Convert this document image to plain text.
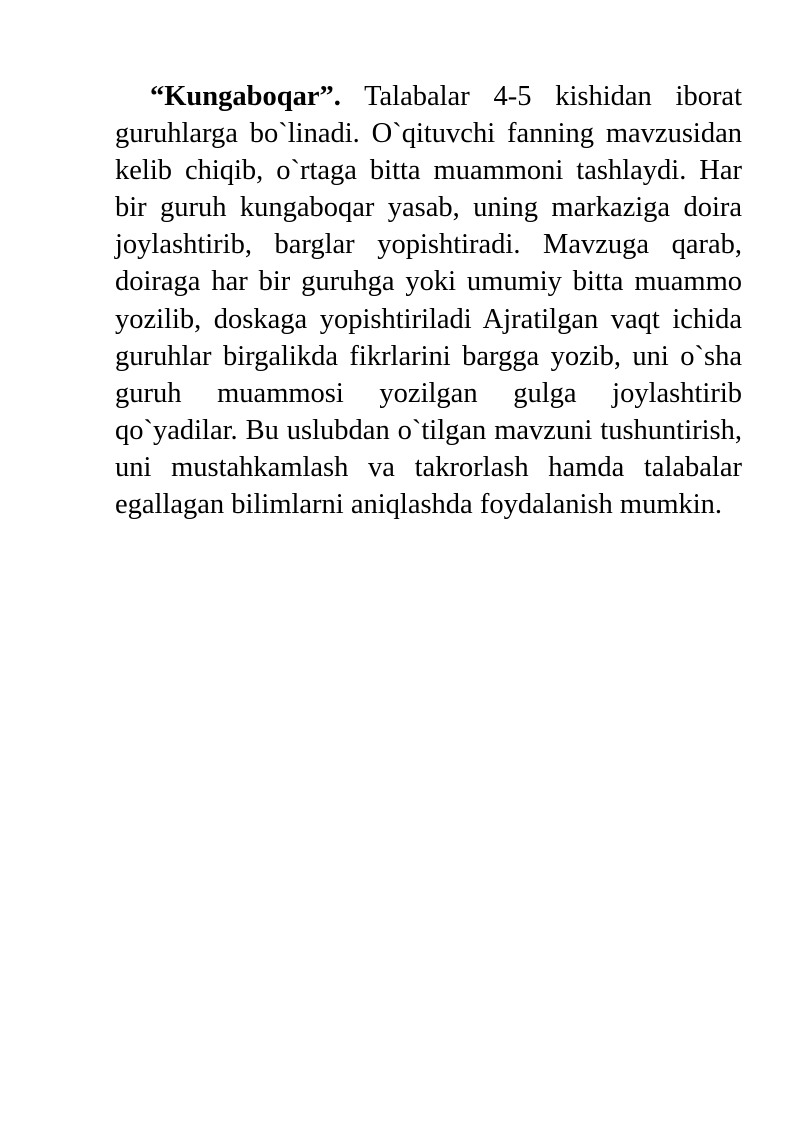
“Kungaboqar”. Talabalar 4-5 kishidan iborat guruhlarga bo`linadi. O`qituvchi fanning mavzusidan kelib chiqib, o`rtaga bitta muammoni tashlaydi. Har bir guruh kungaboqar yasab, uning markaziga doira joylashtirib, barglar yopishtiradi. Mavzuga qarab, doiraga har bir guruhga yoki umumiy bitta muammo yozilib, doskaga yopishtiriladi Ajratilgan vaqt ichida guruhlar birgalikda fikrlarini bargga yozib, uni o`sha guruh muammosi yozilgan gulga joylashtirib qo`yadilar. Bu uslubdan o`tilgan mavzuni tushuntirish, uni mustahkamlash va takrorlash hamda talabalar egallagan bilimlarni aniqlashda foydalanish mumkin.
